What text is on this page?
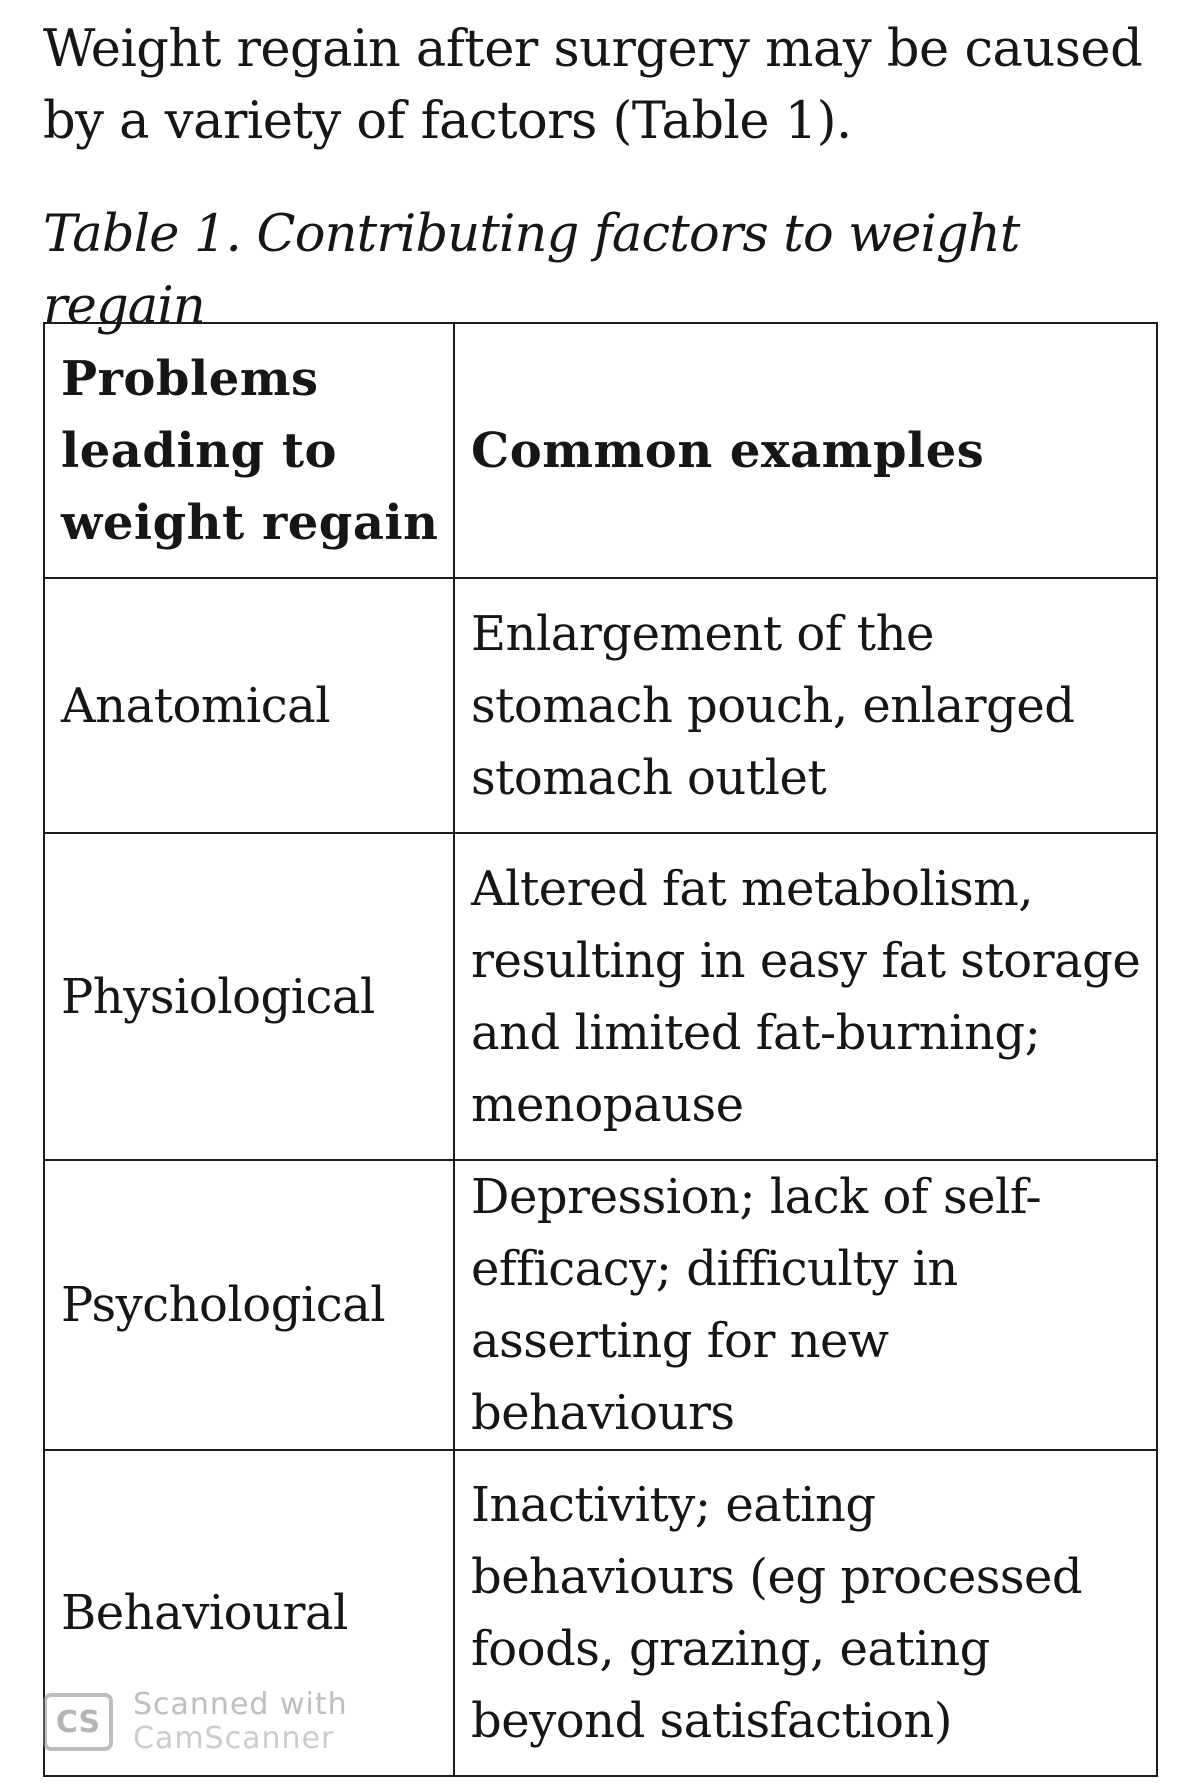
Weight regain after surgery may be caused by a variety of factors (Table 1).

Table 1. Contributing factors to weight regain

Problems leading to weight regain	Common examples
Anatomical	Enlargement of the stomach pouch, enlarged stomach outlet
Physiological	Altered fat metabolism, resulting in easy fat storage and limited fat-burning; menopause
Psychological	Depression; lack of self-efficacy; difficulty in asserting for new behaviours
Behavioural	Inactivity; eating behaviours (eg processed foods, grazing, eating beyond satisfaction)
CS	Scanned with
CamScanner
